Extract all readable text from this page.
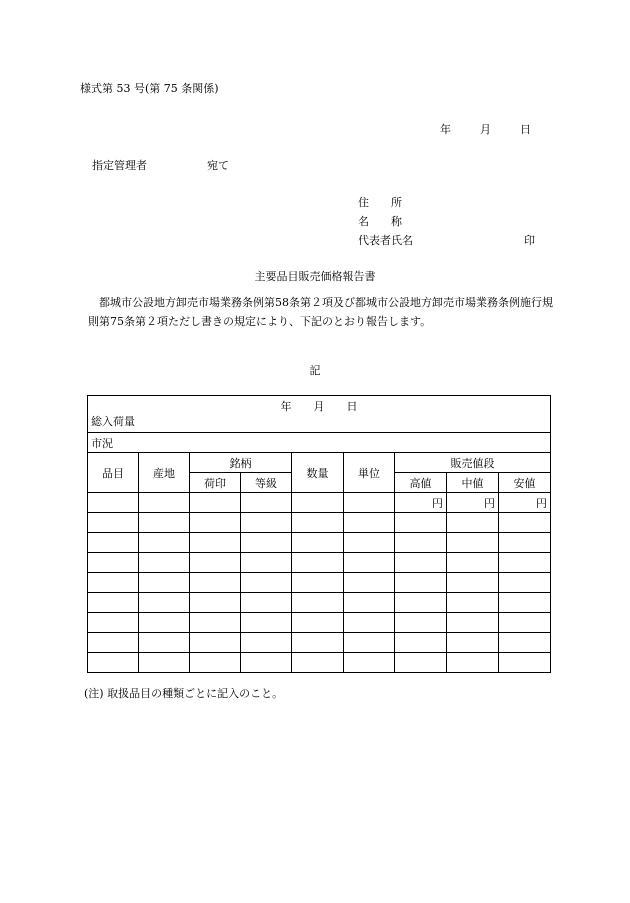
様式第 53 号(第 75 条関係)
年	月	日
指定管理者	宛て
住　　所
名　　称
代表者氏名	印
主要品目販売価格報告書
　都城市公設地方卸売市場業務条例第58条第２項及び都城市公設地方卸売市場業務条例施行規則第75条第２項ただし書きの規定により、下記のとおり報告します。
記
年　　月　　日
総入荷量								

市況								
品目	産地	銘柄		数量	単位	販売値段		
		荷印	等級			高値	中値	安値
						円	円	円

(注) 取扱品目の種類ごとに記入のこと。
